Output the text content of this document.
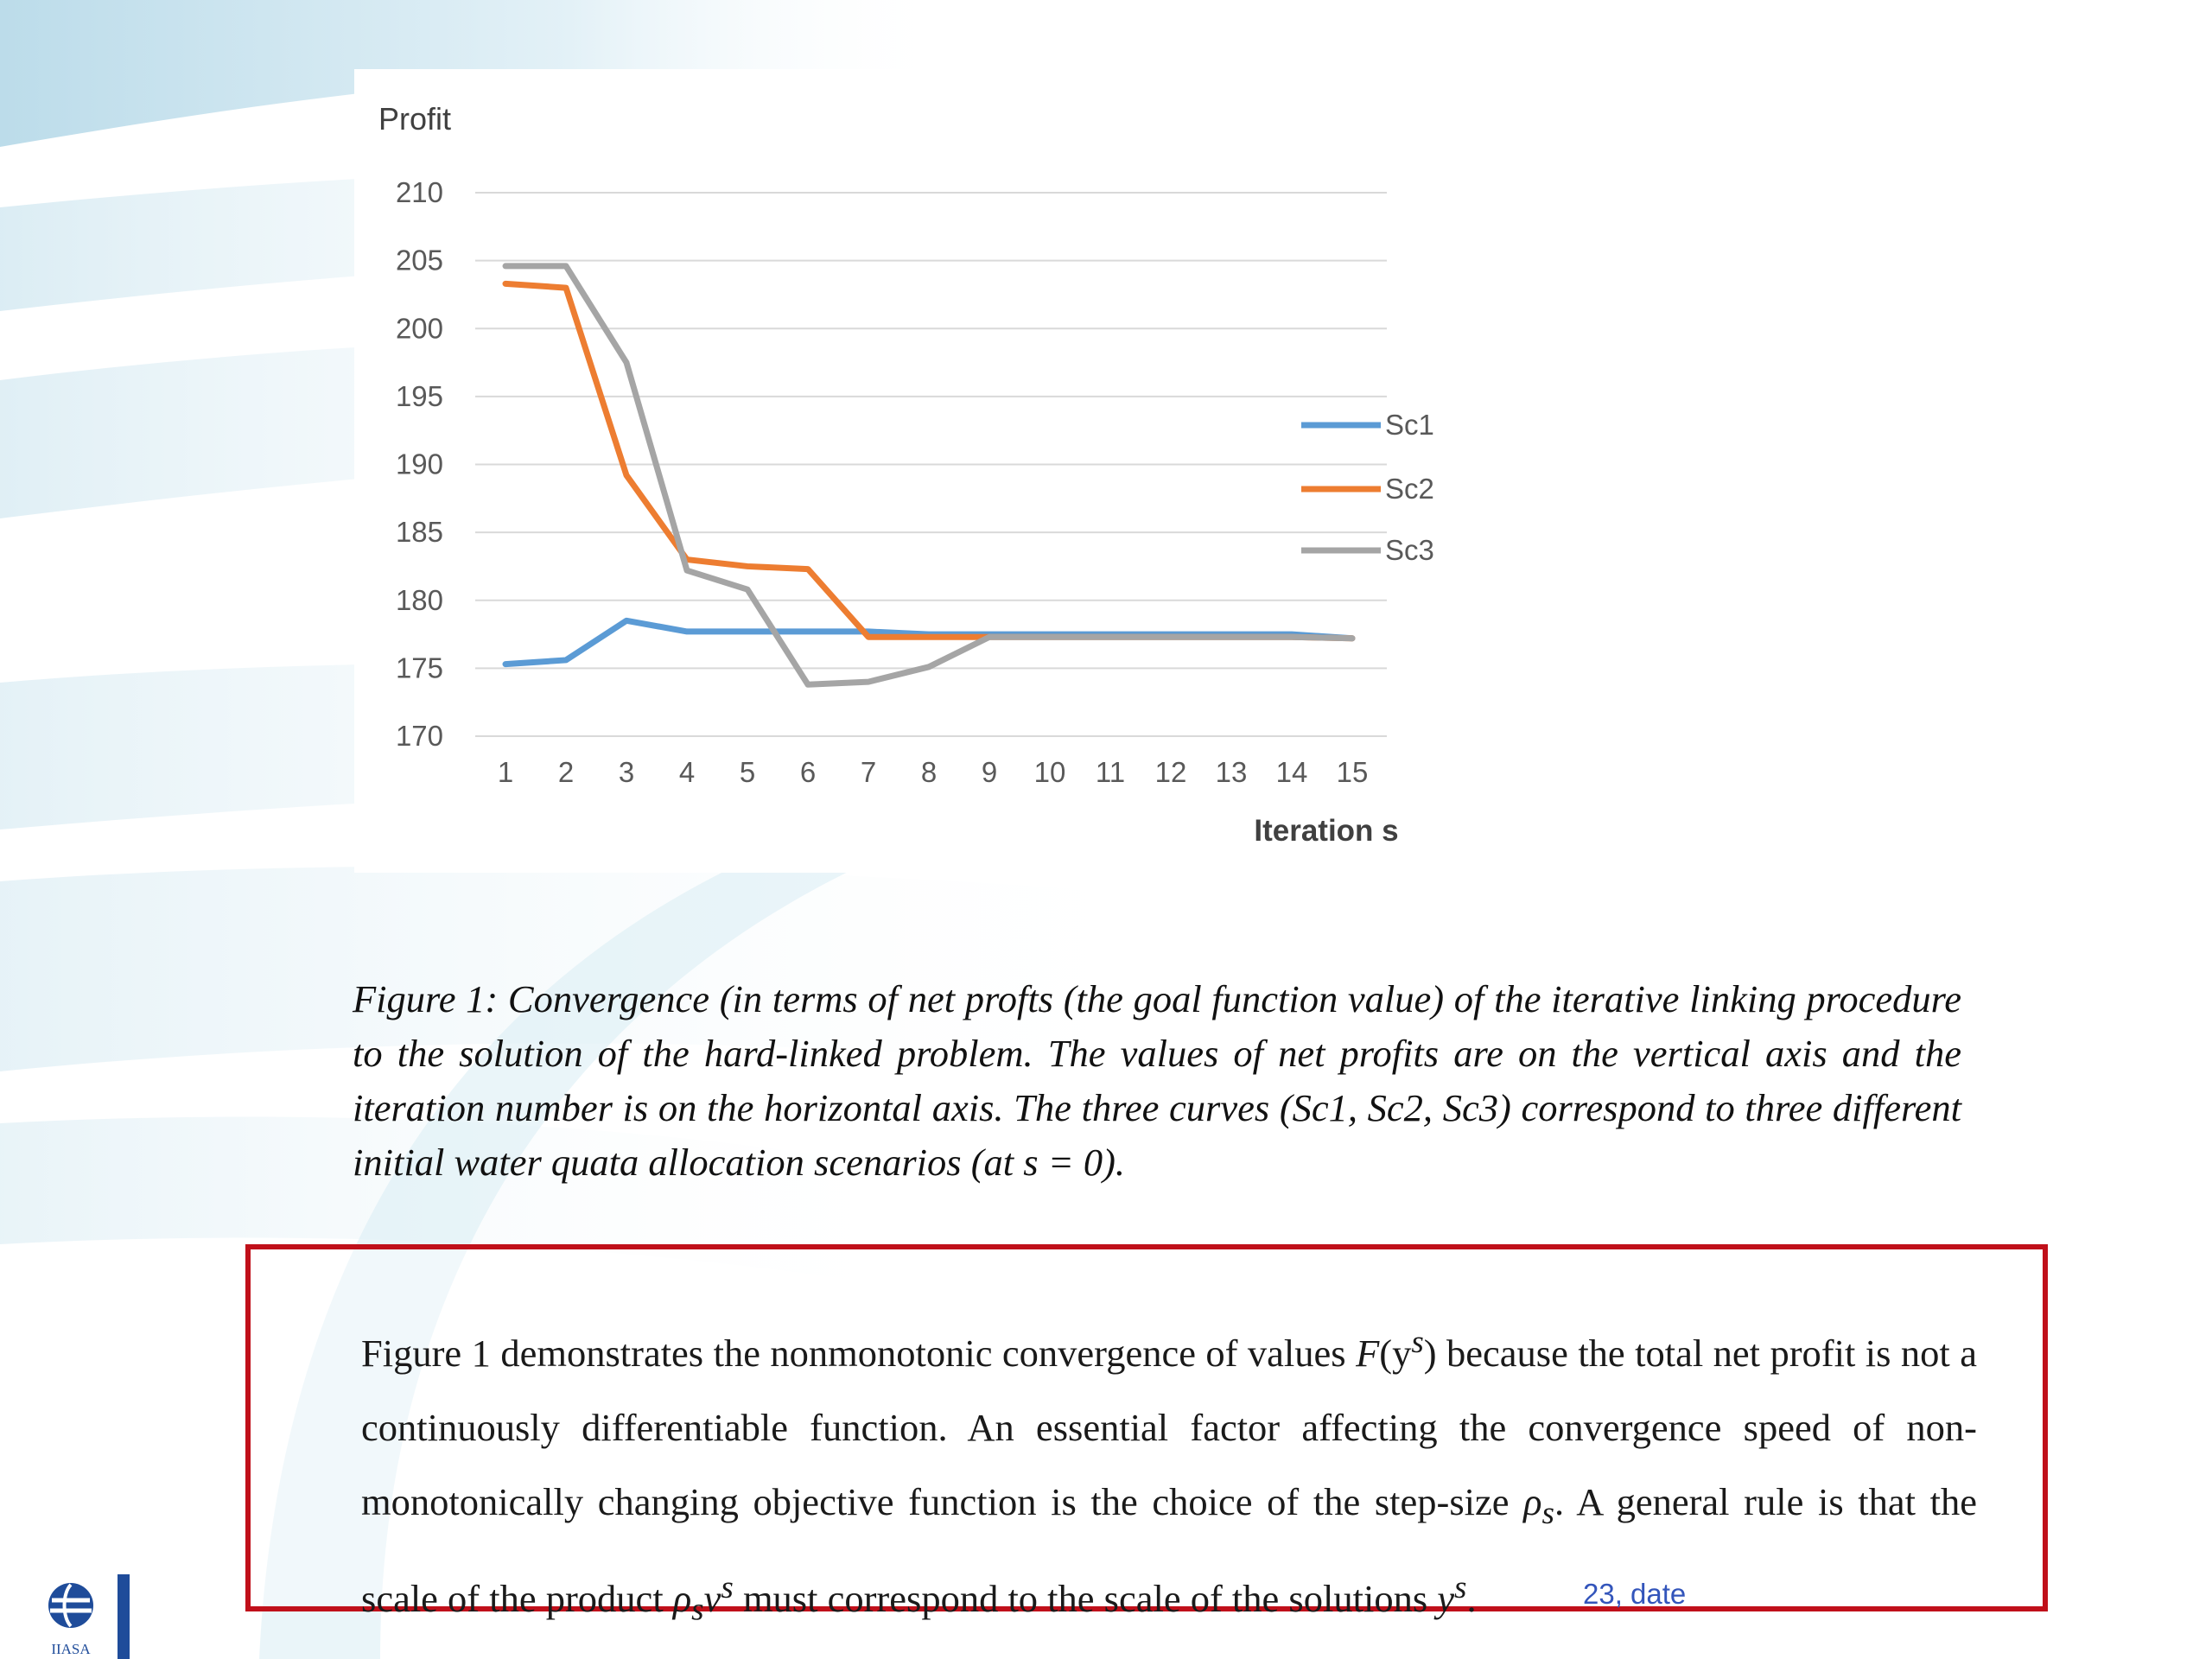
170
175
180
185
190
195
200
205
210
1 2 3 4 5 6 7 8 9 10 11 12 13 14 15
Profit
Iteration s
Sc1
Sc2
Sc3
Figure 1: Convergence (in terms of net profts (the goal function value) of the iterative linking procedure to the solution of the hard-linked problem. The values of net profits are on the vertical axis and the iteration number is on the horizontal axis. The three curves (Sc1, Sc2, Sc3) correspond to three different initial water quata allocation scenarios (at s = 0).
Figure 1 demonstrates the nonmonotonic convergence of values $F(y^s)$ because the total net profit is not a continuously differentiable function. An essential factor affecting the convergence speed of non-monotonically changing objective function is the choice of the step-size $\rho_s$. A general rule is that the scale of the product $\rho_s\nu^s$ must correspond to the scale of the solutions $y^s$.	23, date
IIASA
